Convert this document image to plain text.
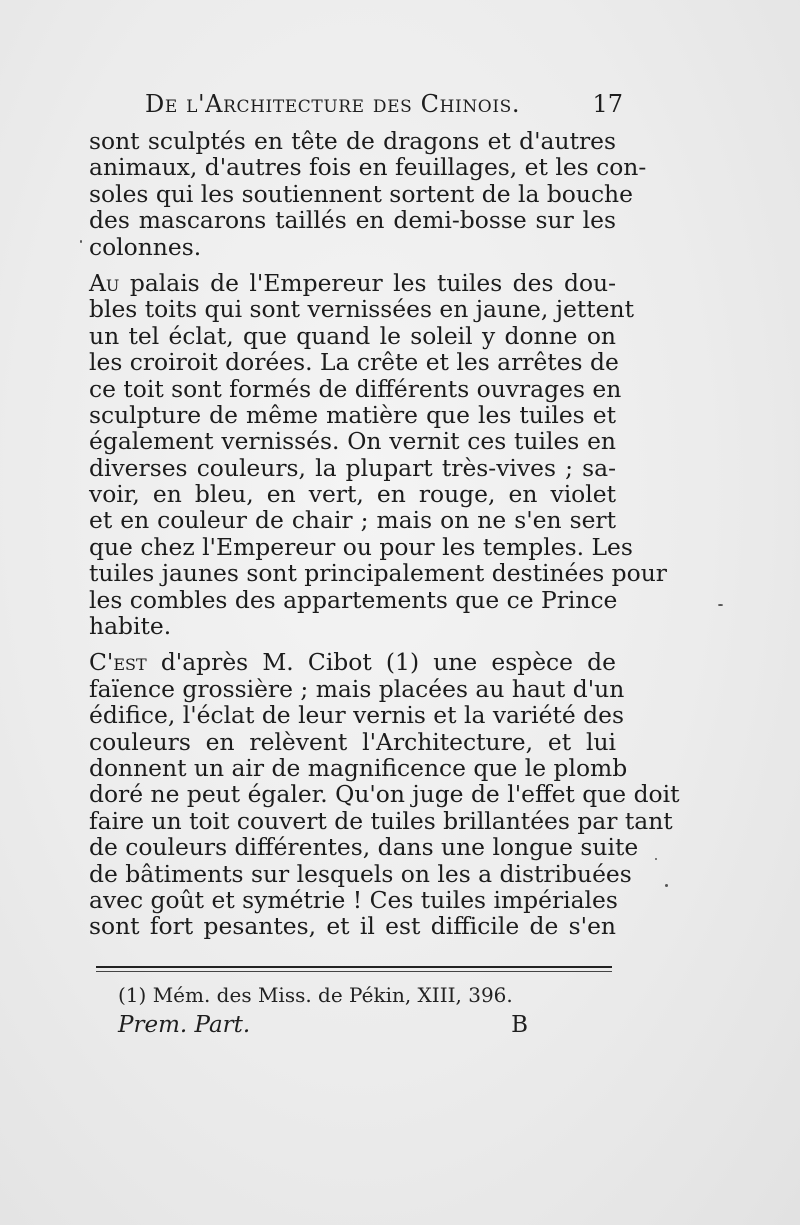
De l'Architecture des Chinois.	17
sont sculptés en tête de dragons et d'autres
animaux, d'autres fois en feuillages, et les con-
soles qui les soutiennent sortent de la bouche
des mascarons taillés en demi-bosse sur les
colonnes.
Au palais de l'Empereur les tuiles des dou-
bles toits qui sont vernissées en jaune, jettent
un tel éclat, que quand le soleil y donne on
les croiroit dorées. La crête et les arrêtes de
ce toit sont formés de différents ouvrages en
sculpture de même matière que les tuiles et
également vernissés. On vernit ces tuiles en
diverses couleurs, la plupart très-vives ; sa-
voir, en bleu, en vert, en rouge, en violet
et en couleur de chair ; mais on ne s'en sert
que chez l'Empereur ou pour les temples. Les
tuiles jaunes sont principalement destinées pour
les combles des appartements que ce Prince
habite.
C'est d'après M. Cibot (1) une espèce de
faïence grossière ; mais placées au haut d'un
édifice, l'éclat de leur vernis et la variété des
couleurs en relèvent l'Architecture, et lui
donnent un air de magnificence que le plomb
doré ne peut égaler. Qu'on juge de l'effet que doit
faire un toit couvert de tuiles brillantées par tant
de couleurs différentes, dans une longue suite
de bâtiments sur lesquels on les a distribuées
avec goût et symétrie ! Ces tuiles impériales
sont fort pesantes, et il est difficile de s'en
(1) Mém. des Miss. de Pékin, XIII, 396.
Prem. Part.	B
